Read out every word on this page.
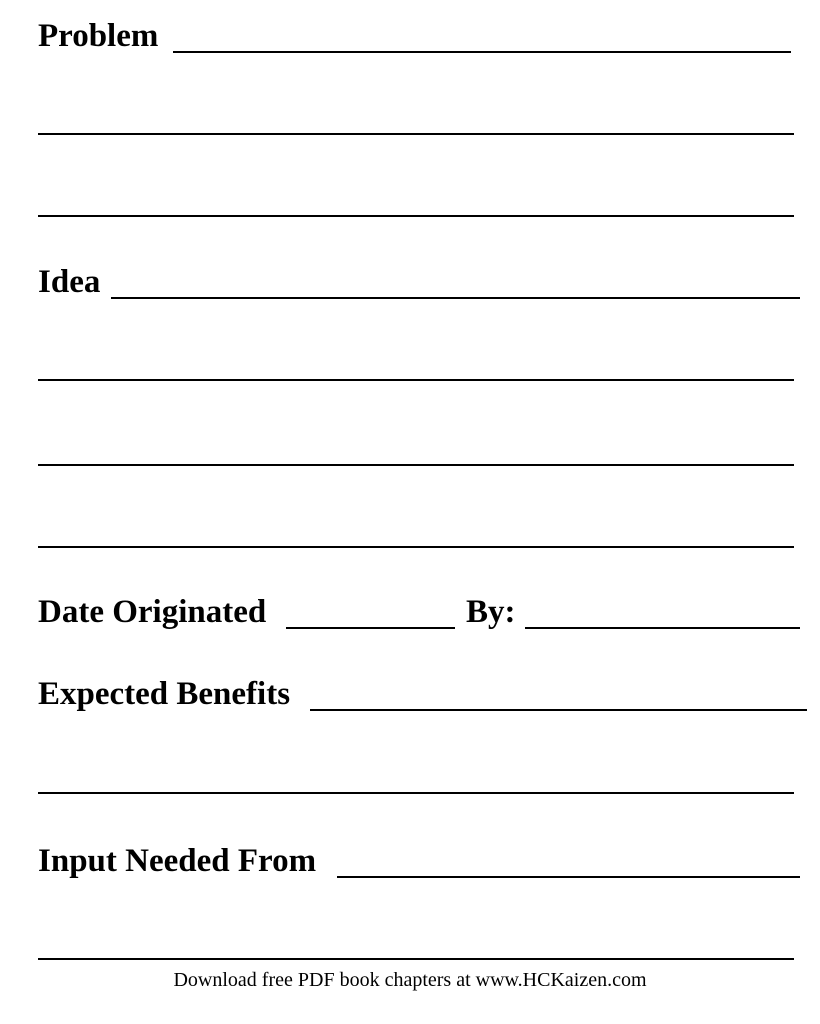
Problem
Idea
Date Originated	By:
Expected Benefits
Input Needed From
Download free PDF book chapters at www.HCKaizen.com
